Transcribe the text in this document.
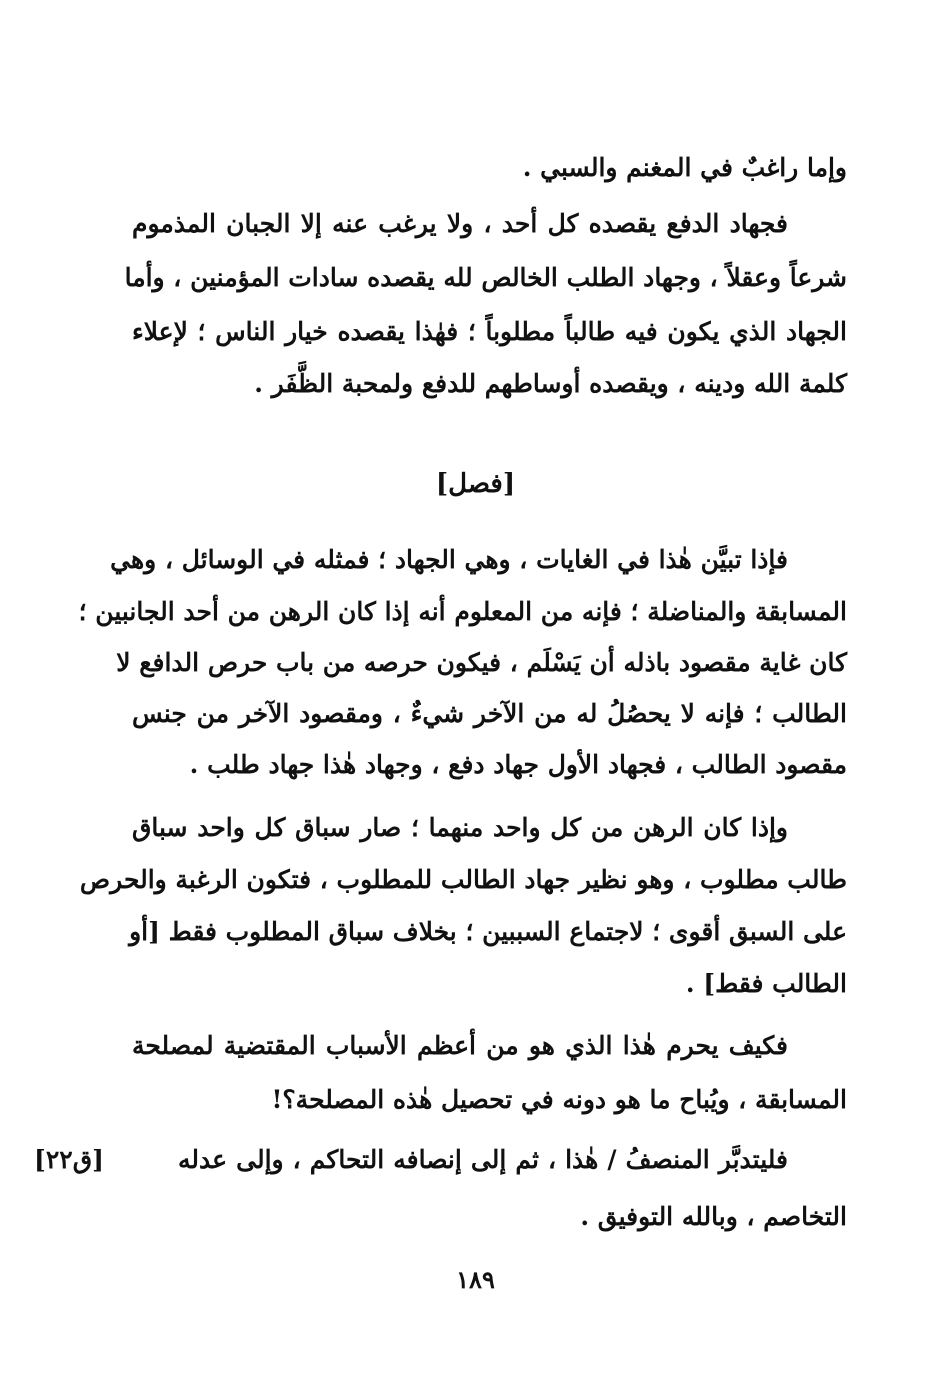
وإما راغبٌ في المغنم والسبي .
فجهاد الدفع يقصده كل أحد ، ولا يرغب عنه إلا الجبان المذموم
شرعاً وعقلاً ، وجهاد الطلب الخالص لله يقصده سادات المؤمنين ، وأما
الجهاد الذي يكون فيه طالباً مطلوباً ؛ فهٰذا يقصده خيار الناس ؛ لإعلاء
كلمة الله ودينه ، ويقصده أوساطهم للدفع ولمحبة الظَّفَر .
[فصل]
فإذا تبيَّن هٰذا في الغايات ، وهي الجهاد ؛ فمثله في الوسائل ، وهي
المسابقة والمناضلة ؛ فإنه من المعلوم أنه إذا كان الرهن من أحد الجانبين ؛
كان غاية مقصود باذله أن يَسْلَم ، فيكون حرصه من باب حرص الدافع لا
الطالب ؛ فإنه لا يحصُلُ له من الآخر شيءٌ ، ومقصود الآخر من جنس
مقصود الطالب ، فجهاد الأول جهاد دفع ، وجهاد هٰذا جهاد طلب .
وإذا كان الرهن من كل واحد منهما ؛ صار سباق كل واحد سباق
طالب مطلوب ، وهو نظير جهاد الطالب للمطلوب ، فتكون الرغبة والحرص
على السبق أقوى ؛ لاجتماع السببين ؛ بخلاف سباق المطلوب فقط [أو
الطالب فقط] .
فكيف يحرم هٰذا الذي هو من أعظم الأسباب المقتضية لمصلحة
المسابقة ، ويُباح ما هو دونه في تحصيل هٰذه المصلحة؟!
فليتدبَّر المنصفُ / هٰذا ، ثم إلى إنصافه التحاكم ، وإلى عدله
[ق٢٢]
التخاصم ، وبالله التوفيق .
١٨٩
